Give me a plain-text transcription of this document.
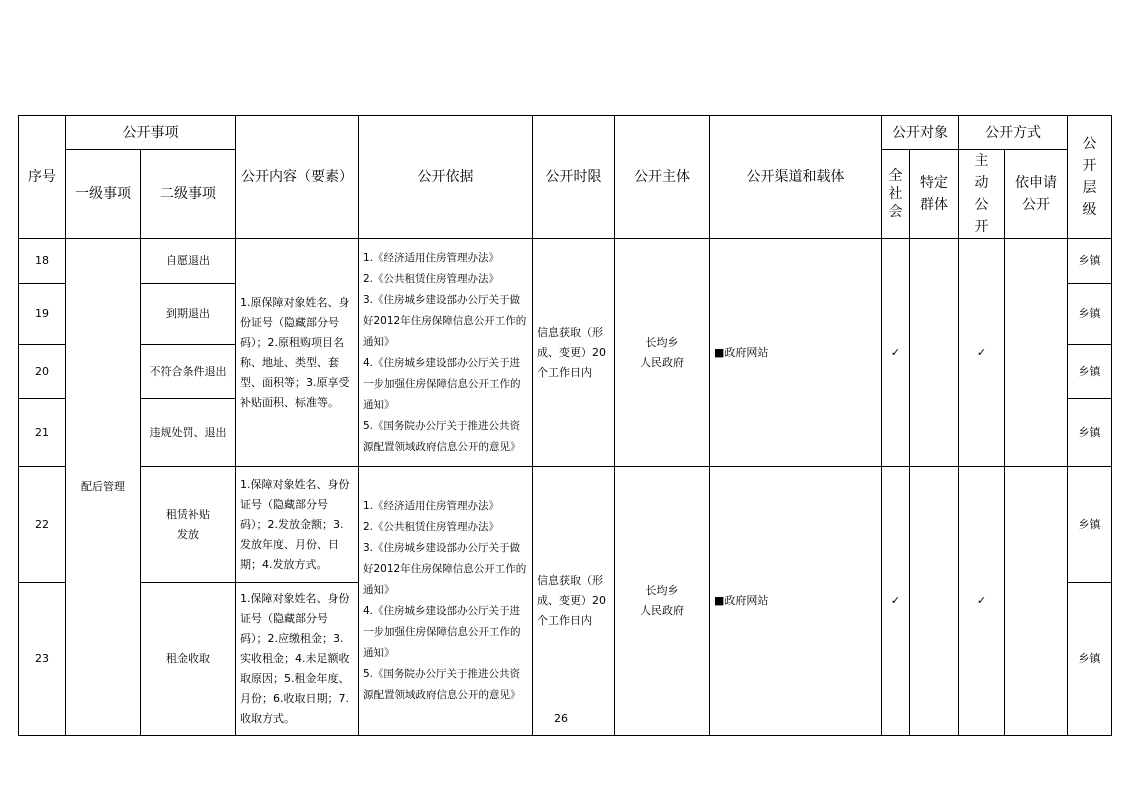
序号	公开事项		公开内容（要素）	公开依据	公开时限	公开主体	公开渠道和载体	公开对象		公开方式		公开层级
	一级事项	二级事项						全社会	特定群体	主动公开	依申请公开	
18	配后管理	自愿退出	1.原保障对象姓名、身份证号（隐藏部分号码）；2.原租购项目名称、地址、类型、套型、面积等；3.原享受补贴面积、标准等。	1.《经济适用住房管理办法》
2.《公共租赁住房管理办法》
3.《住房城乡建设部办公厅关于做好2012年住房保障信息公开工作的通知》
4.《住房城乡建设部办公厅关于进一步加强住房保障信息公开工作的通知》
5.《国务院办公厅关于推进公共资源配置领域政府信息公开的意见》	信息获取（形成、变更）20个工作日内	长均乡
人民政府	■政府网站	✓		✓		乡镇
19		到期退出										乡镇
20		不符合条件退出										乡镇
21		违规处罚、退出										乡镇
22		租赁补贴
发放	1.保障对象姓名、身份证号（隐藏部分号码）；2.发放金额；3.发放年度、月份、日期；4.发放方式。	1.《经济适用住房管理办法》
2.《公共租赁住房管理办法》
3.《住房城乡建设部办公厅关于做好2012年住房保障信息公开工作的通知》
4.《住房城乡建设部办公厅关于进一步加强住房保障信息公开工作的通知》
5.《国务院办公厅关于推进公共资源配置领域政府信息公开的意见》	信息获取（形成、变更）20个工作日内	长均乡
人民政府	■政府网站	✓		✓		乡镇
23		租金收取	1.保障对象姓名、身份证号（隐藏部分号码）；2.应缴租金；3.实收租金；4.未足额收取原因；5.租金年度、月份；6.收取日期；7.收取方式。									乡镇
26
